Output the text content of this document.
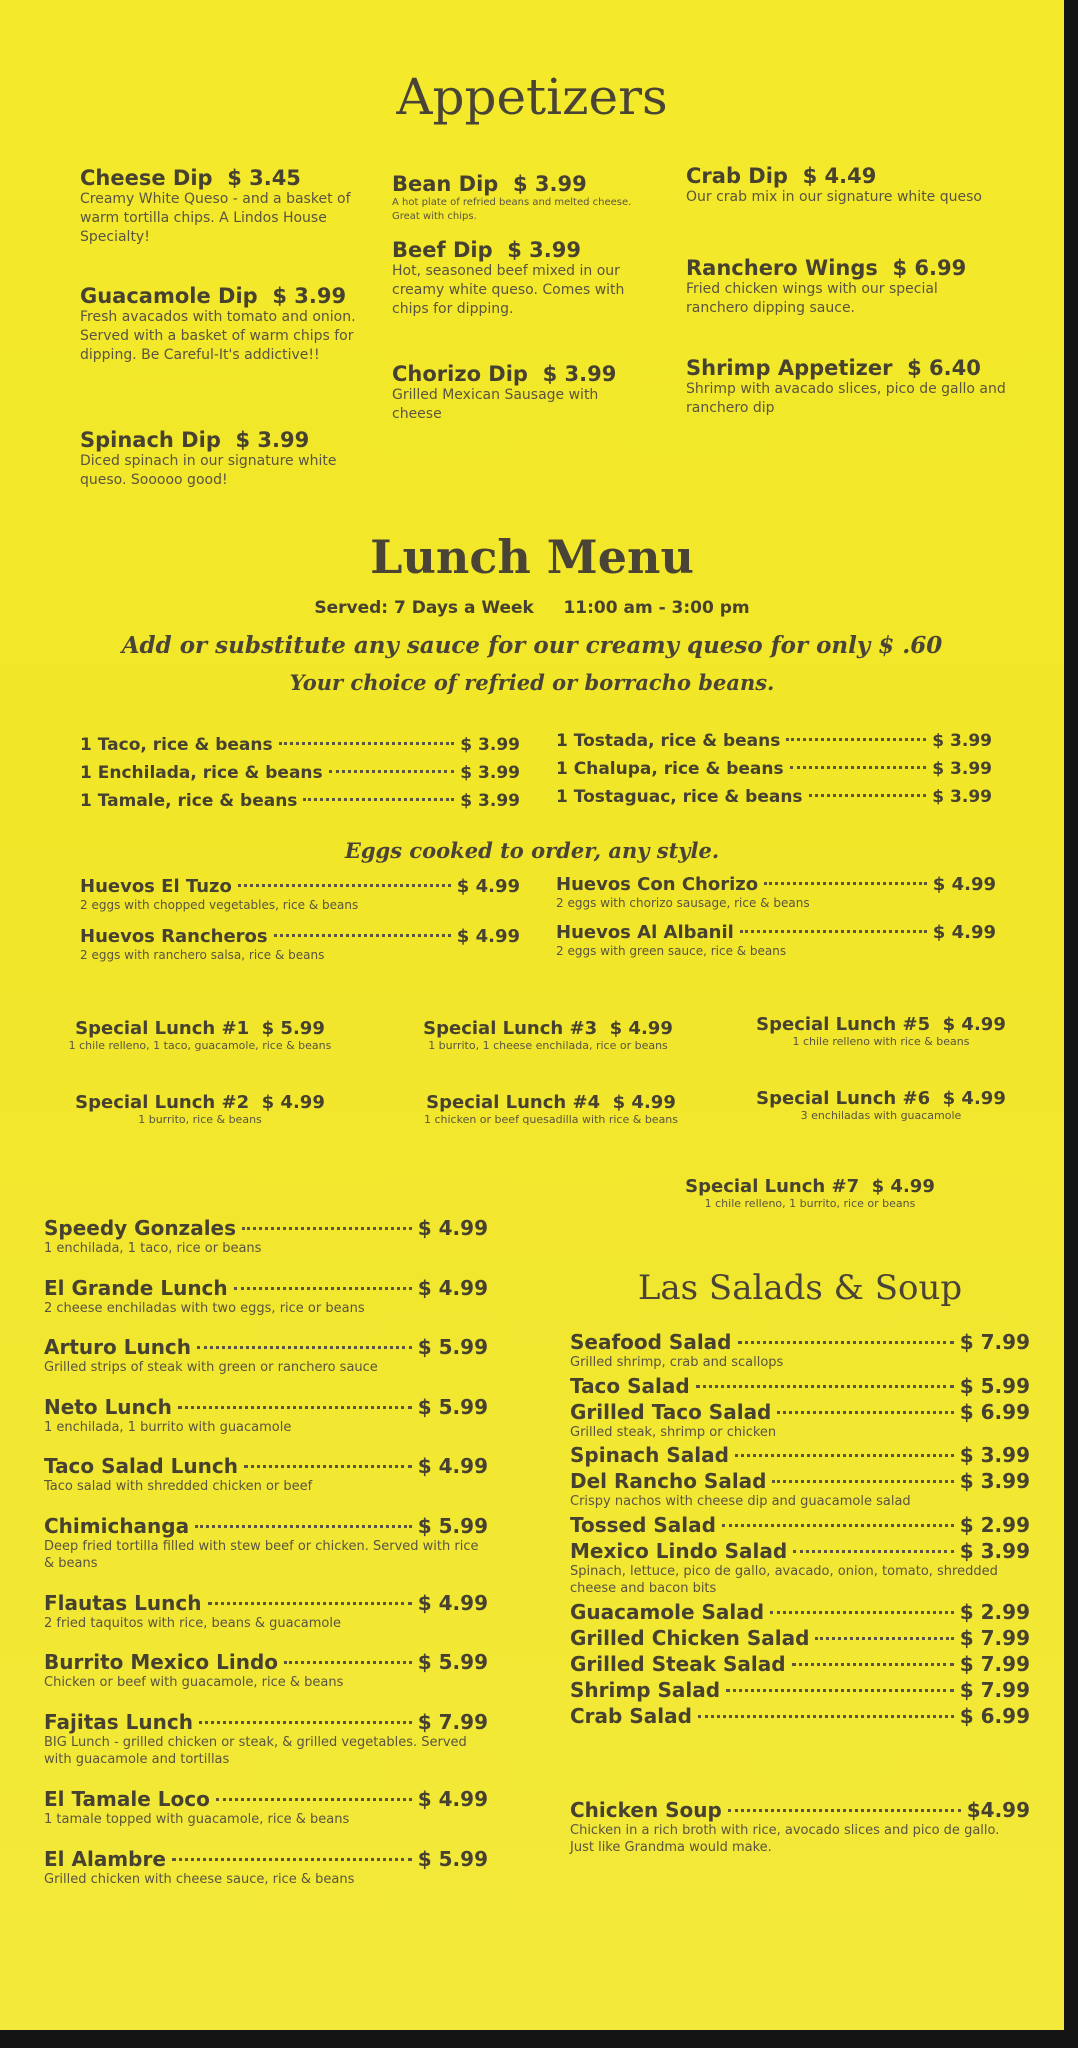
Appetizers
Cheese Dip $ 3.45
Creamy White Queso - and a basket of warm tortilla chips. A Lindos House Specialty!
Guacamole Dip $ 3.99
Fresh avacados with tomato and onion. Served with a basket of warm chips for dipping. Be Careful-It's addictive!!
Spinach Dip $ 3.99
Diced spinach in our signature white queso. Sooooo good!
Bean Dip $ 3.99
A hot plate of refried beans and melted cheese. Great with chips.
Beef Dip $ 3.99
Hot, seasoned beef mixed in our creamy white queso. Comes with chips for dipping.
Chorizo Dip $ 3.99
Grilled Mexican Sausage with cheese
Crab Dip $ 4.49
Our crab mix in our signature white queso
Ranchero Wings $ 6.99
Fried chicken wings with our special ranchero dipping sauce.
Shrimp Appetizer $ 6.40
Shrimp with avacado slices, pico de gallo and ranchero dip
Lunch Menu
Served: 7 Days a Week 11:00 am - 3:00 pm
Add or substitute any sauce for our creamy queso for only $ .60
Your choice of refried or borracho beans.
1 Taco, rice & beans	$ 3.99
1 Enchilada, rice & beans	$ 3.99
1 Tamale, rice & beans	$ 3.99
1 Tostada, rice & beans	$ 3.99
1 Chalupa, rice & beans	$ 3.99
1 Tostaguac, rice & beans	$ 3.99
Eggs cooked to order, any style.
Huevos El Tuzo	$ 4.99
2 eggs with chopped vegetables, rice & beans
Huevos Rancheros	$ 4.99
2 eggs with ranchero salsa, rice & beans
Huevos Con Chorizo	$ 4.99
2 eggs with chorizo sausage, rice & beans
Huevos Al Albanil	$ 4.99
2 eggs with green sauce, rice & beans
Special Lunch #1 $ 5.99
1 chile relleno, 1 taco, guacamole, rice & beans
Special Lunch #2 $ 4.99
1 burrito, rice & beans
Special Lunch #3 $ 4.99
1 burrito, 1 cheese enchilada, rice or beans
Special Lunch #4 $ 4.99
1 chicken or beef quesadilla with rice & beans
Special Lunch #5 $ 4.99
1 chile relleno with rice & beans
Special Lunch #6 $ 4.99
3 enchiladas with guacamole
Special Lunch #7 $ 4.99
1 chile relleno, 1 burrito, rice or beans
Speedy Gonzales	$ 4.99
1 enchilada, 1 taco, rice or beans
El Grande Lunch	$ 4.99
2 cheese enchiladas with two eggs, rice or beans
Arturo Lunch	$ 5.99
Grilled strips of steak with green or ranchero sauce
Neto Lunch	$ 5.99
1 enchilada, 1 burrito with guacamole
Taco Salad Lunch	$ 4.99
Taco salad with shredded chicken or beef
Chimichanga	$ 5.99
Deep fried tortilla filled with stew beef or chicken. Served with rice & beans
Flautas Lunch	$ 4.99
2 fried taquitos with rice, beans & guacamole
Burrito Mexico Lindo	$ 5.99
Chicken or beef with guacamole, rice & beans
Fajitas Lunch	$ 7.99
BIG Lunch - grilled chicken or steak, & grilled vegetables. Served with guacamole and tortillas
El Tamale Loco	$ 4.99
1 tamale topped with guacamole, rice & beans
El Alambre	$ 5.99
Grilled chicken with cheese sauce, rice & beans
Las Salads & Soup
Seafood Salad	$ 7.99
Grilled shrimp, crab and scallops
Taco Salad	$ 5.99
Grilled Taco Salad	$ 6.99
Grilled steak, shrimp or chicken
Spinach Salad	$ 3.99
Del Rancho Salad	$ 3.99
Crispy nachos with cheese dip and guacamole salad
Tossed Salad	$ 2.99
Mexico Lindo Salad	$ 3.99
Spinach, lettuce, pico de gallo, avacado, onion, tomato, shredded cheese and bacon bits
Guacamole Salad	$ 2.99
Grilled Chicken Salad	$ 7.99
Grilled Steak Salad	$ 7.99
Shrimp Salad	$ 7.99
Crab Salad	$ 6.99
Chicken Soup	$4.99
Chicken in a rich broth with rice, avocado slices and pico de gallo. Just like Grandma would make.
